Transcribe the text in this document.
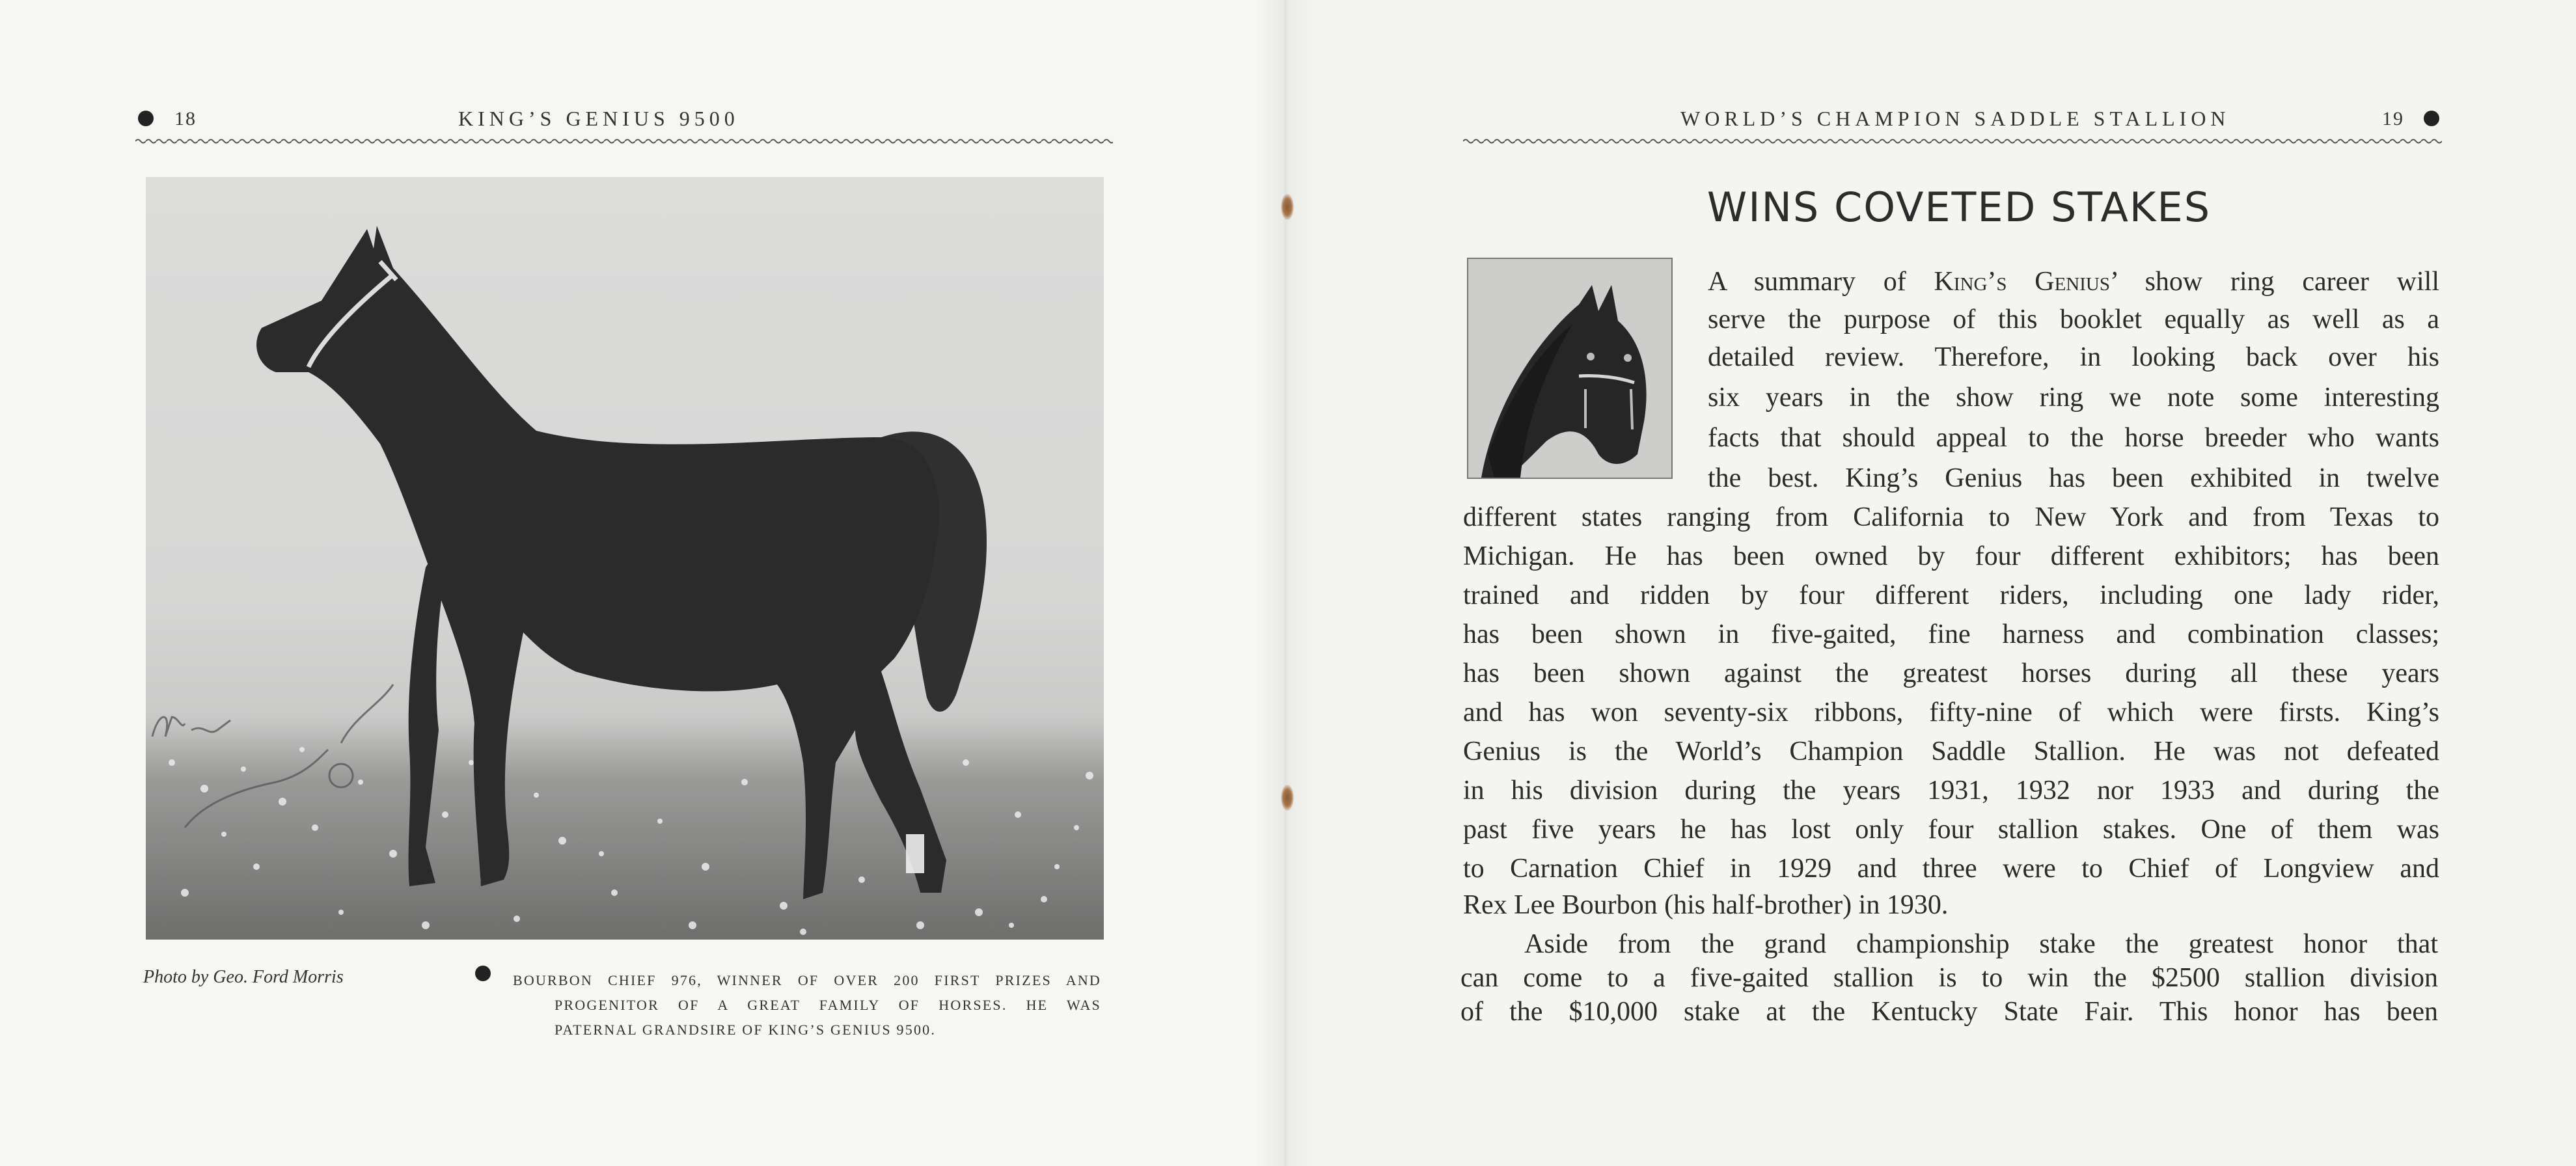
18	KING’S GENIUS 9500
Photo by Geo. Ford Morris	BOURBON CHIEF 976, WINNER OF OVER 200 FIRST PRIZES AND
PROGENITOR OF A GREAT FAMILY OF HORSES. HE WAS
PATERNAL GRANDSIRE OF KING’S GENIUS 9500.
WORLD’S CHAMPION SADDLE STALLION	19
WINS COVETED STAKES
A summary of King’s Genius’ show ring career will
serve the purpose of this booklet equally as well as a
detailed review. Therefore, in looking back over his
six years in the show ring we note some interesting
facts that should appeal to the horse breeder who wants
the best. King’s Genius has been exhibited in twelve
different states ranging from California to New York and from Texas to
Michigan. He has been owned by four different exhibitors; has been
trained and ridden by four different riders, including one lady rider,
has been shown in five-gaited, fine harness and combination classes;
has been shown against the greatest horses during all these years
and has won seventy-six ribbons, fifty-nine of which were firsts. King’s
Genius is the World’s Champion Saddle Stallion. He was not defeated
in his division during the years 1931, 1932 nor 1933 and during the
past five years he has lost only four stallion stakes. One of them was
to Carnation Chief in 1929 and three were to Chief of Longview and
Rex Lee Bourbon (his half-brother) in 1930.
Aside from the grand championship stake the greatest honor that
can come to a five-gaited stallion is to win the $2500 stallion division
of the $10,000 stake at the Kentucky State Fair. This honor has been
